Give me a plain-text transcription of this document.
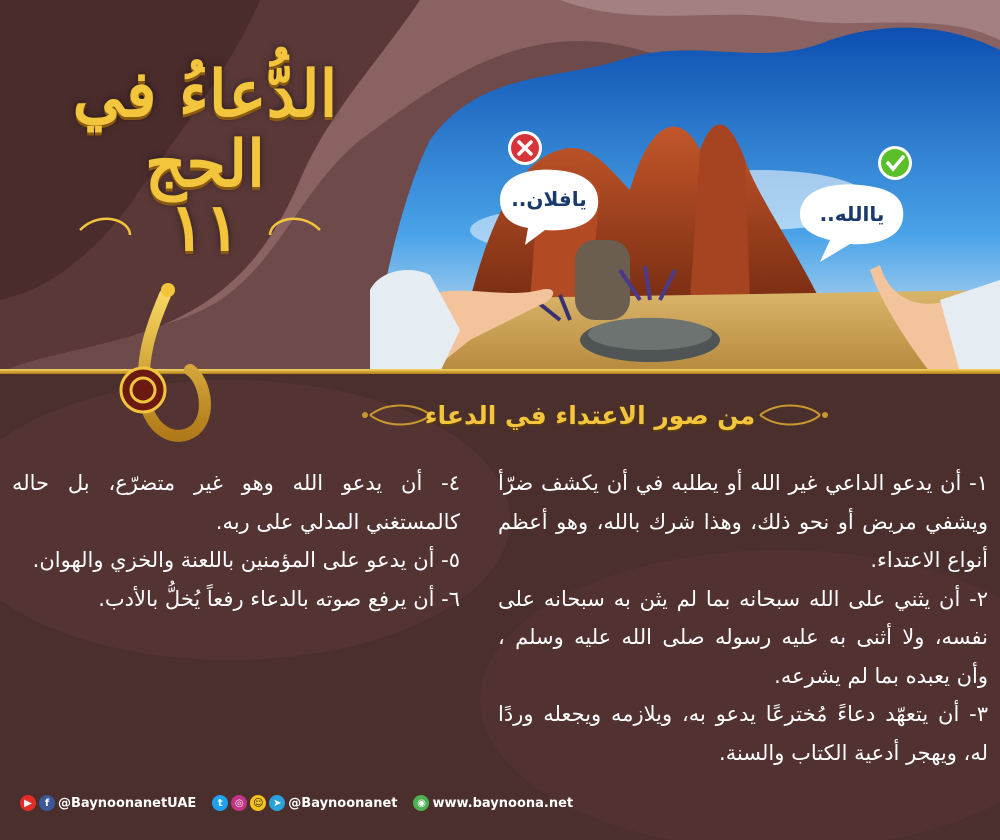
الدُّعاءُ في الحج
١١	يافلان..
ياالله..
من صور الاعتداء في الدعاء

١- أن يدعو الداعي غير الله أو يطلبه في أن يكشف ضرّأ ويشفي مريض أو نحو ذلك، وهذا شرك بالله، وهو أعظم أنواع الاعتداء.

٢- أن يثني على الله سبحانه بما لم يثن به سبحانه على نفسه، ولا أثنى به عليه رسوله صلى الله عليه وسلم ، وأن يعبده بما لم يشرعه.

٣- أن يتعهّد دعاءً مُخترعًا يدعو به، ويلازمه ويجعله وردًا له، ويهجر أدعية الكتاب والسنة.

٤- أن يدعو الله وهو غير متضرّع، بل حاله كالمستغني المدلي على ربه.

٥- أن يدعو على المؤمنين باللعنة والخزي والهوان.

٦- أن يرفع صوته بالدعاء رفعاً يُخلُّ بالأدب.

▶	f @BaynoonanetUAE	t	◎ ☺ ➤ @Baynoonanet	◉ www.baynoona.net
